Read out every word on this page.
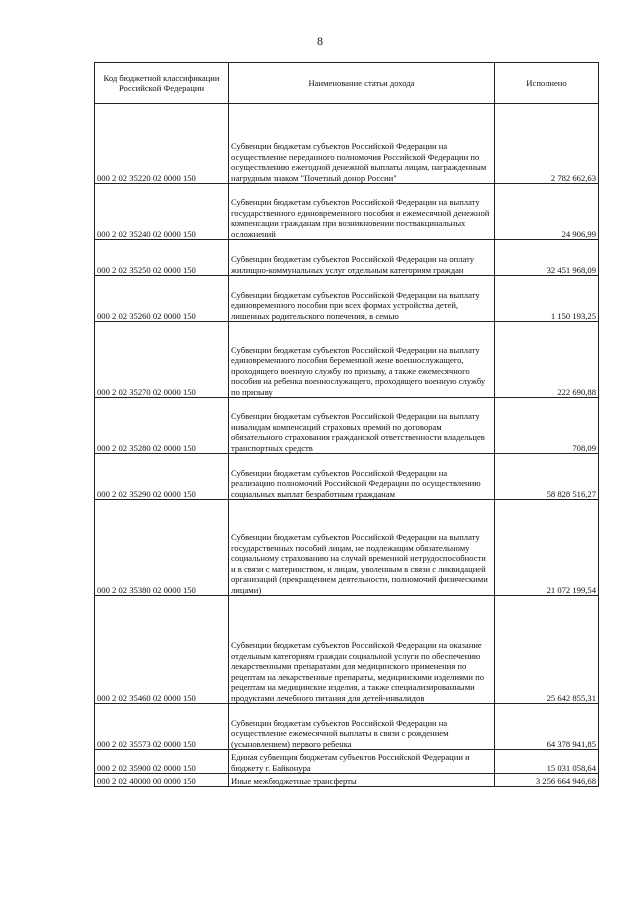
8
Код бюджетной классификации Российской Федерации	Наименование статьи дохода	Исполнено
000 2 02 35220 02 0000 150	Субвенции бюджетам субъектов Российской Федерации на осуществление переданного полномочия Российской Федерации по осуществлению ежегодной денежной выплаты лицам, награжденным нагрудным знаком "Почетный донор России"	2 782 662,63
000 2 02 35240 02 0000 150	Субвенции бюджетам субъектов Российской Федерации на выплату государственного единовременного пособия и ежемесячной денежной компенсации гражданам при возникновении поствакцинальных осложнений	24 906,99
000 2 02 35250 02 0000 150	Субвенции бюджетам субъектов Российской Федерации на оплату жилищно-коммунальных услуг отдельным категориям граждан	32 451 968,09
000 2 02 35260 02 0000 150	Субвенции бюджетам субъектов Российской Федерации на выплату единовременного пособия при всех формах устройства детей, лишенных родительского попечения, в семью	1 150 193,25
000 2 02 35270 02 0000 150	Субвенции бюджетам субъектов Российской Федерации на выплату единовременного пособия беременной жене военнослужащего, проходящего военную службу по призыву, а также ежемесячного пособия на ребенка военнослужащего, проходящего военную службу по призыву	222 690,88
000 2 02 35280 02 0000 150	Субвенции бюджетам субъектов Российской Федерации на выплату инвалидам компенсаций страховых премий по договорам обязательного страхования гражданской ответственности владельцев транспортных средств	708,09
000 2 02 35290 02 0000 150	Субвенции бюджетам субъектов Российской Федерации на реализацию полномочий Российской Федерации по осуществлению социальных выплат безработным гражданам	58 828 516,27
000 2 02 35380 02 0000 150	Субвенции бюджетам субъектов Российской Федерации на выплату государственных пособий лицам, не подлежащим обязательному социальному страхованию на случай временной нетрудоспособности и в связи с материнством, и лицам, уволенным в связи с ликвидацией организаций (прекращением деятельности, полномочий физическими лицами)	21 072 199,54
000 2 02 35460 02 0000 150	Субвенции бюджетам субъектов Российской Федерации на оказание отдельным категориям граждан социальной услуги по обеспечению лекарственными препаратами для медицинского применения по рецептам на лекарственные препараты, медицинскими изделиями по рецептам на медицинские изделия, а также специализированными продуктами лечебного питания для детей-инвалидов	25 642 855,31
000 2 02 35573 02 0000 150	Субвенции бюджетам субъектов Российской Федерации на осуществление ежемесячной выплаты в связи с рождением (усыновлением) первого ребенка	64 378 941,85
000 2 02 35900 02 0000 150	Единая субвенция бюджетам субъектов Российской Федерации и бюджету г. Байконура	15 031 058,64
000 2 02 40000 00 0000 150	Иные межбюджетные трансферты	3 256 664 946,68
